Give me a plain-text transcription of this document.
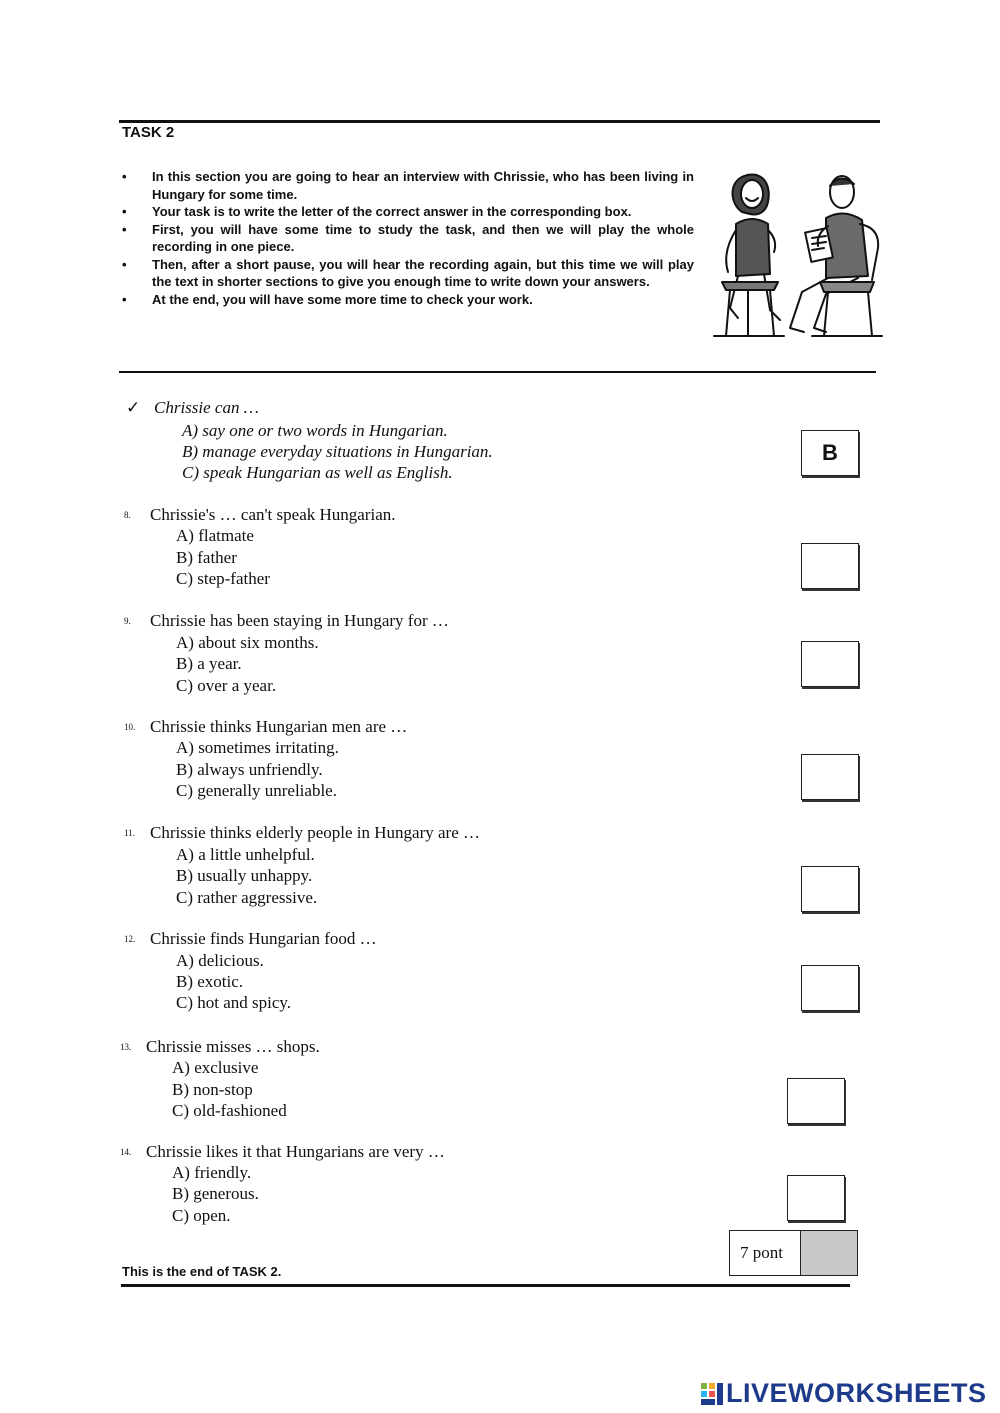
TASK 2
• In this section you are going to hear an interview with Chrissie, who has been living in Hungary for some time.
• Your task is to write the letter of the correct answer in the corresponding box.
• First, you will have some time to study the task, and then we will play the whole recording in one piece.
• Then, after a short pause, you will hear the recording again, but this time we will play the text in shorter sections to give you enough time to write down your answers.
• At the end, you will have some more time to check your work.
✓ Chrissie can …
A) say one or two words in Hungarian.
B) manage everyday situations in Hungarian.
C) speak Hungarian as well as English.
B
8. Chrissie's … can't speak Hungarian.
A) flatmate
B) father
C) step-father
9. Chrissie has been staying in Hungary for …
A) about six months.
B) a year.
C) over a year.
10. Chrissie thinks Hungarian men are …
A) sometimes irritating.
B) always unfriendly.
C) generally unreliable.
11. Chrissie thinks elderly people in Hungary are …
A) a little unhelpful.
B) usually unhappy.
C) rather aggressive.
12. Chrissie finds Hungarian food …
A) delicious.
B) exotic.
C) hot and spicy.
13. Chrissie misses … shops.
A) exclusive
B) non-stop
C) old-fashioned
14. Chrissie likes it that Hungarians are very …
A) friendly.
B) generous.
C) open.
7 pont
This is the end of TASK 2.
LIVEWORKSHEETS
